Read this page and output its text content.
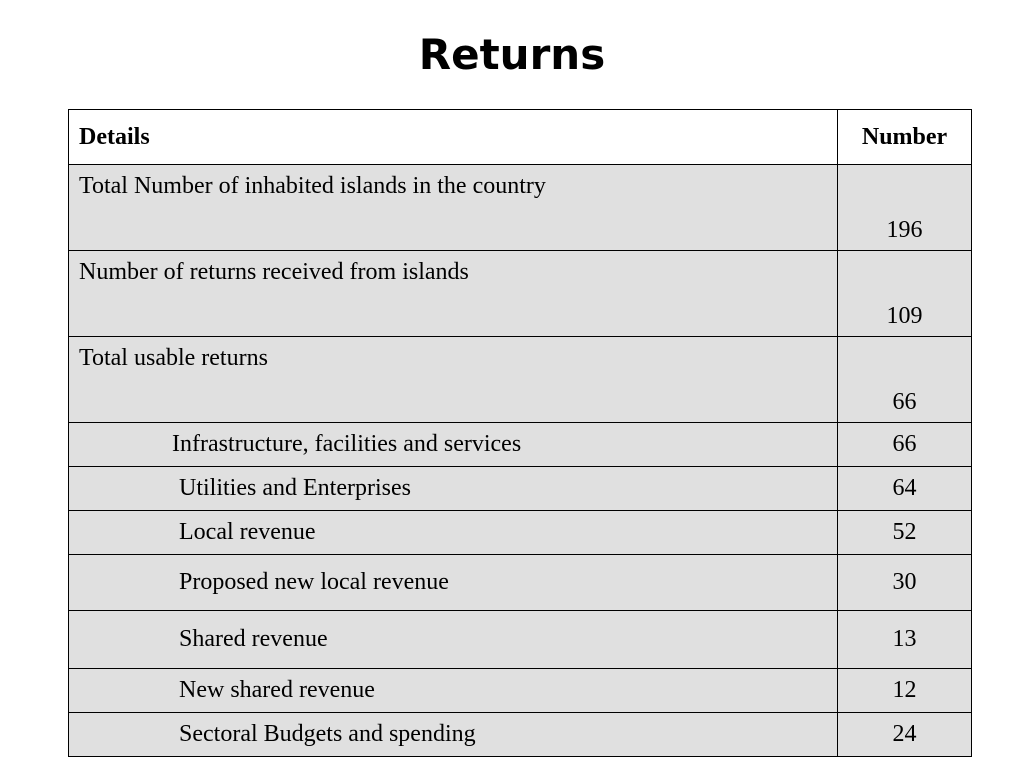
Returns
Details	Number
Total Number of inhabited islands in the country	196
Number of returns received from islands	109
Total usable returns	66
Infrastructure, facilities and services	66
Utilities and Enterprises	64
Local revenue	52
Proposed new local revenue	30
Shared revenue	13
New shared revenue	12
Sectoral Budgets and spending	24
